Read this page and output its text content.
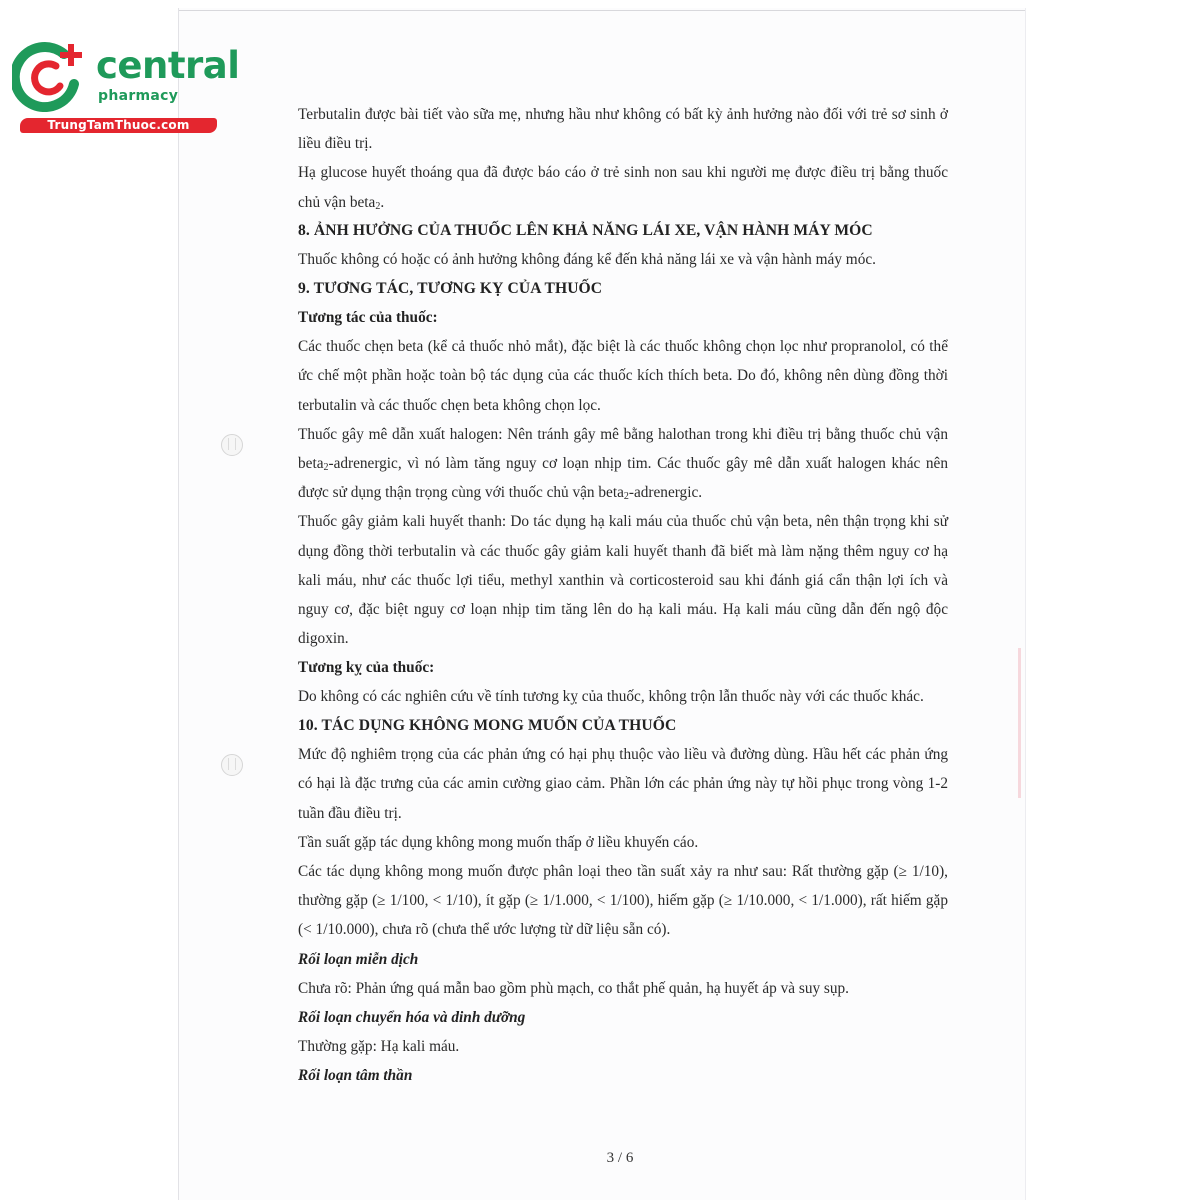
central
pharmacy
TrungTamThuoc.com

Terbutalin được bài tiết vào sữa mẹ, nhưng hầu như không có bất kỳ ảnh hưởng nào đối với trẻ sơ sinh ở liều điều trị.

Hạ glucose huyết thoáng qua đã được báo cáo ở trẻ sinh non sau khi người mẹ được điều trị bằng thuốc chủ vận beta$_2$.

8. ẢNH HƯỞNG CỦA THUỐC LÊN KHẢ NĂNG LÁI XE, VẬN HÀNH MÁY MÓC

Thuốc không có hoặc có ảnh hưởng không đáng kể đến khả năng lái xe và vận hành máy móc.

9. TƯƠNG TÁC, TƯƠNG KỴ CỦA THUỐC
Tương tác của thuốc:

Các thuốc chẹn beta (kể cả thuốc nhỏ mắt), đặc biệt là các thuốc không chọn lọc như propranolol, có thể ức chế một phần hoặc toàn bộ tác dụng của các thuốc kích thích beta. Do đó, không nên dùng đồng thời terbutalin và các thuốc chẹn beta không chọn lọc.

Thuốc gây mê dẫn xuất halogen: Nên tránh gây mê bằng halothan trong khi điều trị bằng thuốc chủ vận beta$_2$-adrenergic, vì nó làm tăng nguy cơ loạn nhịp tim. Các thuốc gây mê dẫn xuất halogen khác nên được sử dụng thận trọng cùng với thuốc chủ vận beta$_2$-adrenergic.

Thuốc gây giảm kali huyết thanh: Do tác dụng hạ kali máu của thuốc chủ vận beta, nên thận trọng khi sử dụng đồng thời terbutalin và các thuốc gây giảm kali huyết thanh đã biết mà làm nặng thêm nguy cơ hạ kali máu, như các thuốc lợi tiểu, methyl xanthin và corticosteroid sau khi đánh giá cẩn thận lợi ích và nguy cơ, đặc biệt nguy cơ loạn nhịp tim tăng lên do hạ kali máu. Hạ kali máu cũng dẫn đến ngộ độc digoxin.

Tương kỵ của thuốc:

Do không có các nghiên cứu về tính tương kỵ của thuốc, không trộn lẫn thuốc này với các thuốc khác.

10. TÁC DỤNG KHÔNG MONG MUỐN CỦA THUỐC

Mức độ nghiêm trọng của các phản ứng có hại phụ thuộc vào liều và đường dùng. Hầu hết các phản ứng có hại là đặc trưng của các amin cường giao cảm. Phần lớn các phản ứng này tự hồi phục trong vòng 1-2 tuần đầu điều trị.

Tần suất gặp tác dụng không mong muốn thấp ở liều khuyến cáo.

Các tác dụng không mong muốn được phân loại theo tần suất xảy ra như sau: Rất thường gặp (≥ 1/10), thường gặp (≥ 1/100, < 1/10), ít gặp (≥ 1/1.000, < 1/100), hiếm gặp (≥ 1/10.000, < 1/1.000), rất hiếm gặp (< 1/10.000), chưa rõ (chưa thể ước lượng từ dữ liệu sẵn có).

Rối loạn miễn dịch

Chưa rõ: Phản ứng quá mẫn bao gồm phù mạch, co thắt phế quản, hạ huyết áp và suy sụp.

Rối loạn chuyển hóa và dinh dưỡng

Thường gặp: Hạ kali máu.

Rối loạn tâm thần
3 / 6
